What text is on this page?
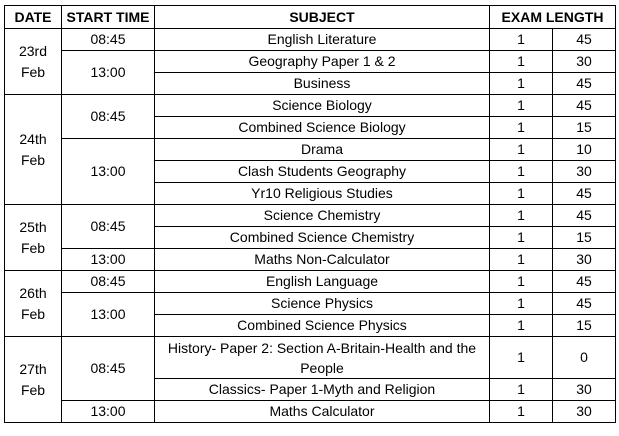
DATE	START TIME	SUBJECT	EXAM LENGTH	

23rd
Feb	08:45	English Literature	1	45
	13:00	Geography Paper 1 & 2	1	30
		Business	1	45

24th
Feb	08:45	Science Biology	1	45
		Combined Science Biology	1	15
	13:00	Drama	1	10
		Clash Students Geography	1	30
		Yr10 Religious Studies	1	45

25th
Feb	08:45	Science Chemistry	1	45
		Combined Science Chemistry	1	15
	13:00	Maths Non-Calculator	1	30

26th
Feb	08:45	English Language	1	45
	13:00	Science Physics	1	45
		Combined Science Physics	1	15

27th
Feb	08:45	History- Paper 2: Section A-Britain-Health and the People	1	0
		Classics- Paper 1-Myth and Religion	1	30
	13:00	Maths Calculator	1	30
